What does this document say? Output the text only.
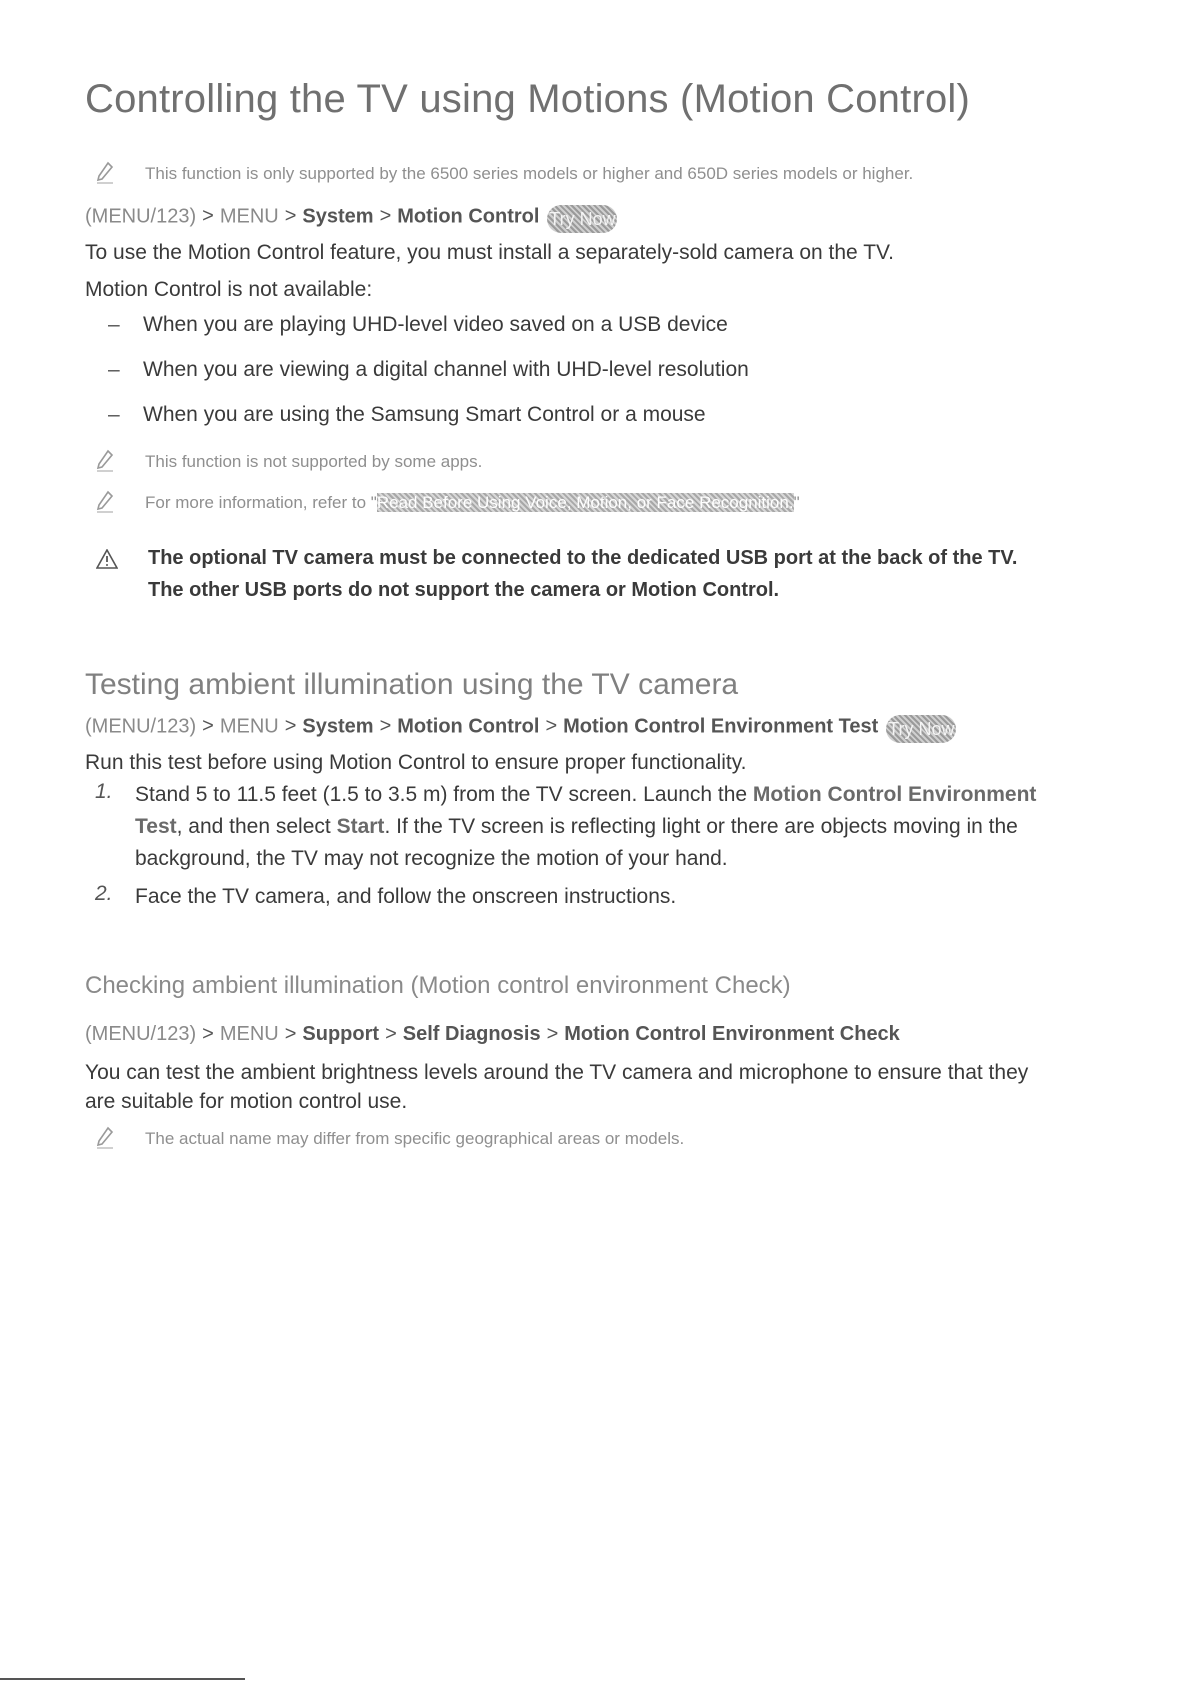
Controlling the TV using Motions (Motion Control)
This function is only supported by the 6500 series models or higher and 650D series models or higher.
(MENU/123) > MENU > System > Motion Control Try Now
To use the Motion Control feature, you must install a separately-sold camera on the TV.
Motion Control is not available:
– When you are playing UHD-level video saved on a USB device
– When you are viewing a digital channel with UHD-level resolution
– When you are using the Samsung Smart Control or a mouse
This function is not supported by some apps.
For more information, refer to "Read Before Using Voice, Motion, or Face Recognition."
The optional TV camera must be connected to the dedicated USB port at the back of the TV.
The other USB ports do not support the camera or Motion Control.
Testing ambient illumination using the TV camera
(MENU/123) > MENU > System > Motion Control > Motion Control Environment Test Try Now
Run this test before using Motion Control to ensure proper functionality.
1. Stand 5 to 11.5 feet (1.5 to 3.5 m) from the TV screen. Launch the Motion Control Environment
Test, and then select Start. If the TV screen is reflecting light or there are objects moving in the
background, the TV may not recognize the motion of your hand.
2. Face the TV camera, and follow the onscreen instructions.
Checking ambient illumination (Motion control environment Check)
(MENU/123) > MENU > Support > Self Diagnosis > Motion Control Environment Check
You can test the ambient brightness levels around the TV camera and microphone to ensure that they
are suitable for motion control use.
The actual name may differ from specific geographical areas or models.
